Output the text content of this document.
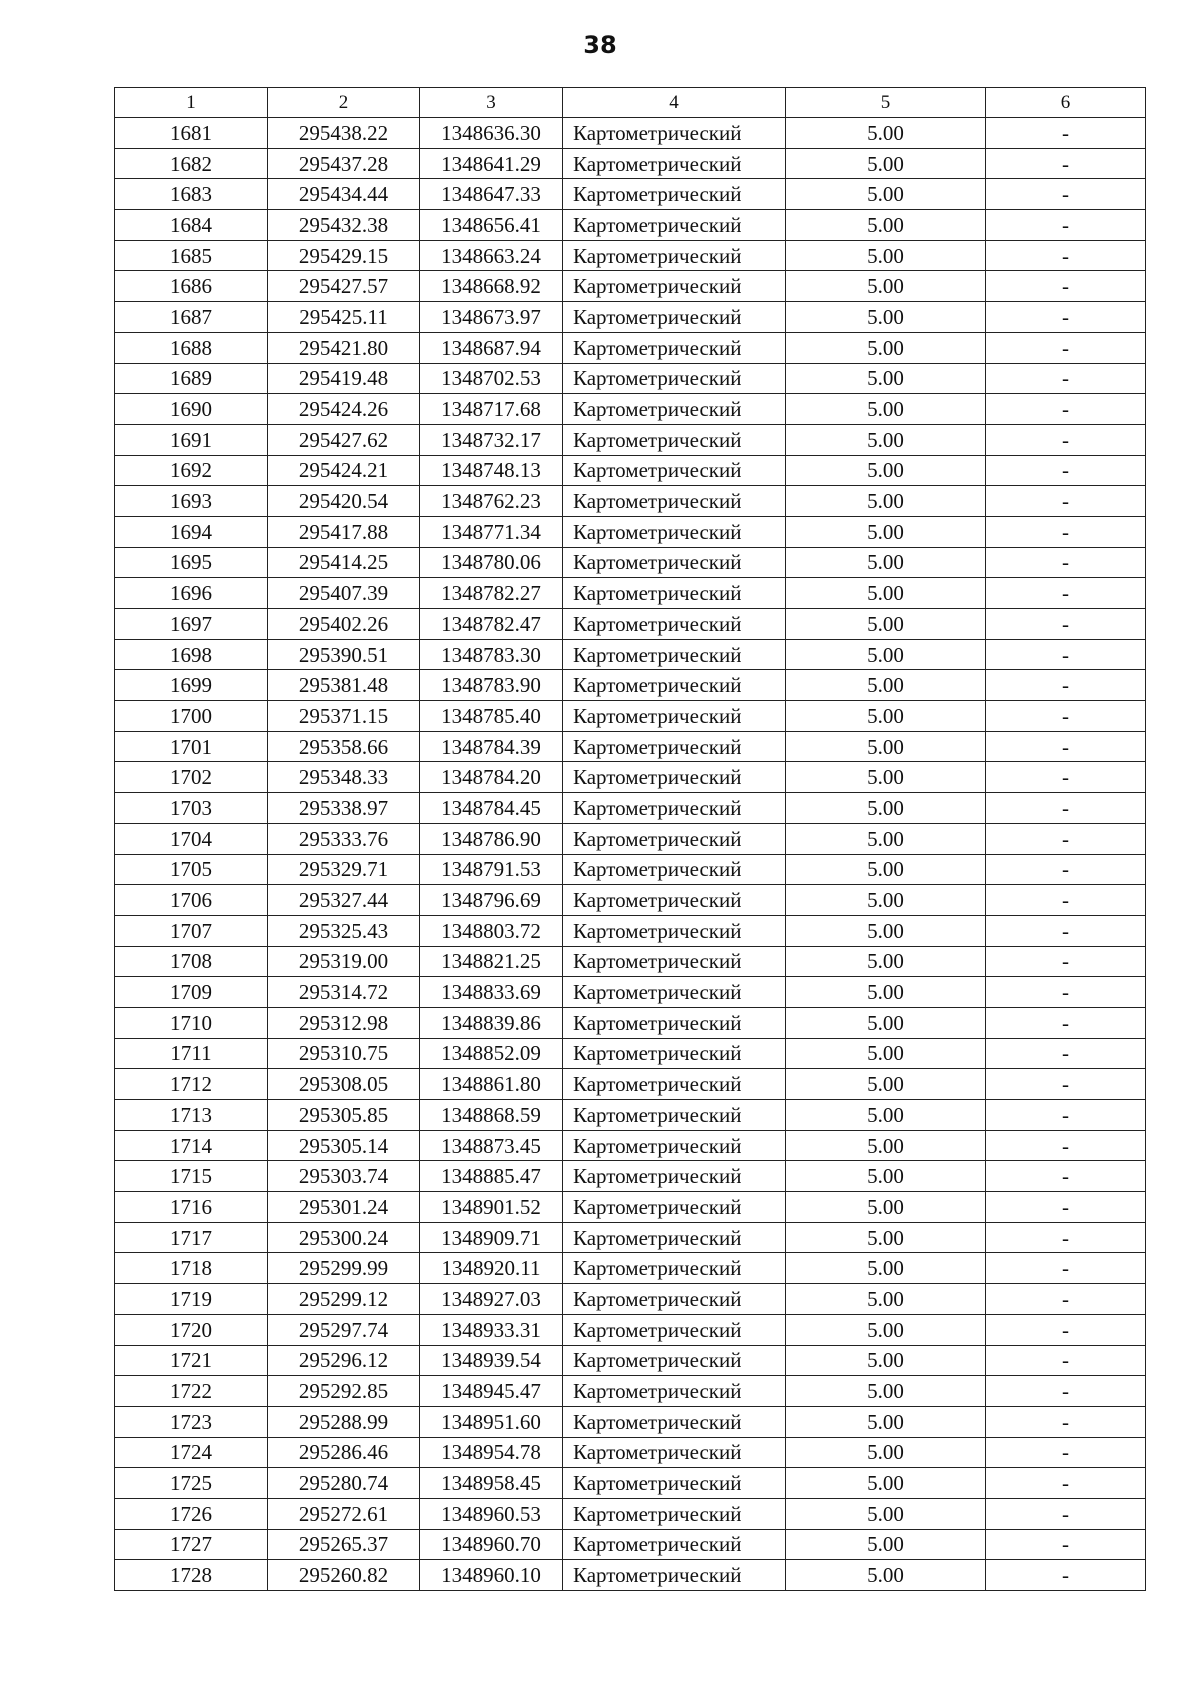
38
1	2	3	4	5	6
1681	295438.22	1348636.30	Картометрический	5.00	-
1682	295437.28	1348641.29	Картометрический	5.00	-
1683	295434.44	1348647.33	Картометрический	5.00	-
1684	295432.38	1348656.41	Картометрический	5.00	-
1685	295429.15	1348663.24	Картометрический	5.00	-
1686	295427.57	1348668.92	Картометрический	5.00	-
1687	295425.11	1348673.97	Картометрический	5.00	-
1688	295421.80	1348687.94	Картометрический	5.00	-
1689	295419.48	1348702.53	Картометрический	5.00	-
1690	295424.26	1348717.68	Картометрический	5.00	-
1691	295427.62	1348732.17	Картометрический	5.00	-
1692	295424.21	1348748.13	Картометрический	5.00	-
1693	295420.54	1348762.23	Картометрический	5.00	-
1694	295417.88	1348771.34	Картометрический	5.00	-
1695	295414.25	1348780.06	Картометрический	5.00	-
1696	295407.39	1348782.27	Картометрический	5.00	-
1697	295402.26	1348782.47	Картометрический	5.00	-
1698	295390.51	1348783.30	Картометрический	5.00	-
1699	295381.48	1348783.90	Картометрический	5.00	-
1700	295371.15	1348785.40	Картометрический	5.00	-
1701	295358.66	1348784.39	Картометрический	5.00	-
1702	295348.33	1348784.20	Картометрический	5.00	-
1703	295338.97	1348784.45	Картометрический	5.00	-
1704	295333.76	1348786.90	Картометрический	5.00	-
1705	295329.71	1348791.53	Картометрический	5.00	-
1706	295327.44	1348796.69	Картометрический	5.00	-
1707	295325.43	1348803.72	Картометрический	5.00	-
1708	295319.00	1348821.25	Картометрический	5.00	-
1709	295314.72	1348833.69	Картометрический	5.00	-
1710	295312.98	1348839.86	Картометрический	5.00	-
1711	295310.75	1348852.09	Картометрический	5.00	-
1712	295308.05	1348861.80	Картометрический	5.00	-
1713	295305.85	1348868.59	Картометрический	5.00	-
1714	295305.14	1348873.45	Картометрический	5.00	-
1715	295303.74	1348885.47	Картометрический	5.00	-
1716	295301.24	1348901.52	Картометрический	5.00	-
1717	295300.24	1348909.71	Картометрический	5.00	-
1718	295299.99	1348920.11	Картометрический	5.00	-
1719	295299.12	1348927.03	Картометрический	5.00	-
1720	295297.74	1348933.31	Картометрический	5.00	-
1721	295296.12	1348939.54	Картометрический	5.00	-
1722	295292.85	1348945.47	Картометрический	5.00	-
1723	295288.99	1348951.60	Картометрический	5.00	-
1724	295286.46	1348954.78	Картометрический	5.00	-
1725	295280.74	1348958.45	Картометрический	5.00	-
1726	295272.61	1348960.53	Картометрический	5.00	-
1727	295265.37	1348960.70	Картометрический	5.00	-
1728	295260.82	1348960.10	Картометрический	5.00	-
